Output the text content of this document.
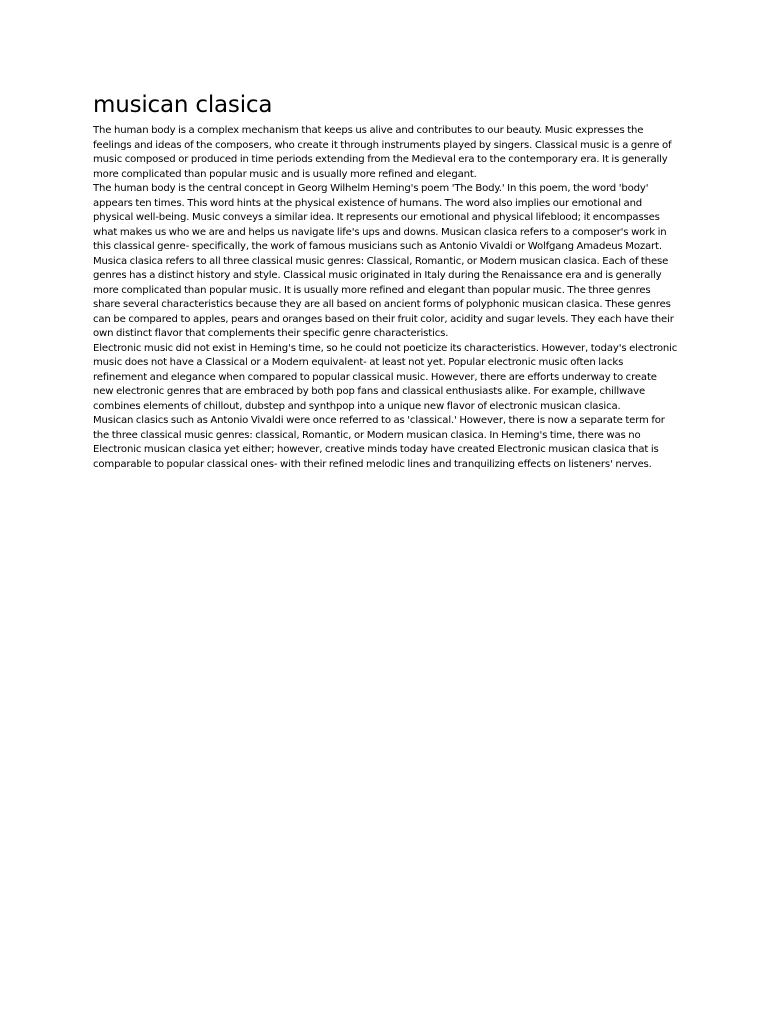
musican clasica

The human body is a complex mechanism that keeps us alive and contributes to our beauty. Music expresses the feelings and ideas of the composers, who create it through instruments played by singers. Classical music is a genre of music composed or produced in time periods extending from the Medieval era to the contemporary era. It is generally more complicated than popular music and is usually more refined and elegant.

The human body is the central concept in Georg Wilhelm Heming's poem 'The Body.' In this poem, the word 'body' appears ten times. This word hints at the physical existence of humans. The word also implies our emotional and physical well-being. Music conveys a similar idea. It represents our emotional and physical lifeblood; it encompasses what makes us who we are and helps us navigate life's ups and downs. Musican clasica refers to a composer's work in this classical genre- specifically, the work of famous musicians such as Antonio Vivaldi or Wolfgang Amadeus Mozart.

Musica clasica refers to all three classical music genres: Classical, Romantic, or Modern musican clasica. Each of these genres has a distinct history and style. Classical music originated in Italy during the Renaissance era and is generally more complicated than popular music. It is usually more refined and elegant than popular music. The three genres share several characteristics because they are all based on ancient forms of polyphonic musican clasica. These genres can be compared to apples, pears and oranges based on their fruit color, acidity and sugar levels. They each have their own distinct flavor that complements their specific genre characteristics.

Electronic music did not exist in Heming's time, so he could not poeticize its characteristics. However, today's electronic music does not have a Classical or a Modern equivalent- at least not yet. Popular electronic music often lacks refinement and elegance when compared to popular classical music. However, there are efforts underway to create new electronic genres that are embraced by both pop fans and classical enthusiasts alike. For example, chillwave combines elements of chillout, dubstep and synthpop into a unique new flavor of electronic musican clasica.

Musican clasics such as Antonio Vivaldi were once referred to as 'classical.' However, there is now a separate term for the three classical music genres: classical, Romantic, or Modern musican clasica. In Heming's time, there was no Electronic musican clasica yet either; however, creative minds today have created Electronic musican clasica that is comparable to popular classical ones- with their refined melodic lines and tranquilizing effects on listeners' nerves.
